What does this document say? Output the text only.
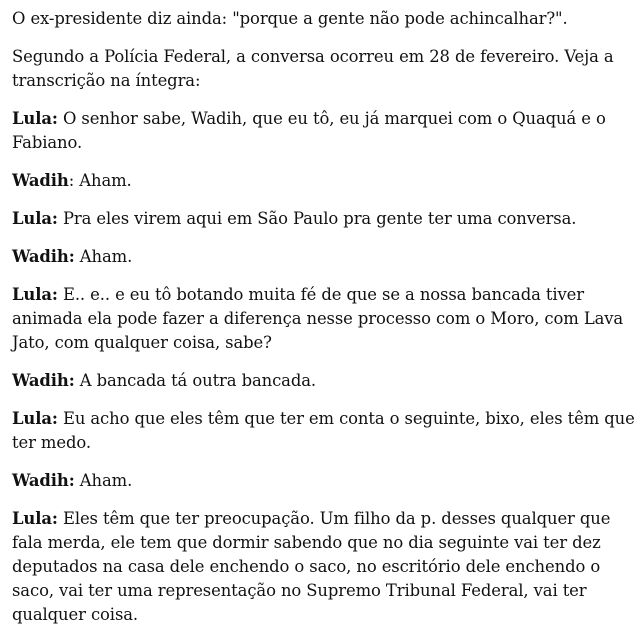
O ex-presidente diz ainda: "porque a gente não pode achincalhar?".

Segundo a Polícia Federal, a conversa ocorreu em 28 de fevereiro. Veja a transcrição na íntegra:

Lula: O senhor sabe, Wadih, que eu tô, eu já marquei com o Quaquá e o Fabiano.

Wadih: Aham.

Lula: Pra eles virem aqui em São Paulo pra gente ter uma conversa.

Wadih: Aham.

Lula: E.. e.. e eu tô botando muita fé de que se a nossa bancada tiver animada ela pode fazer a diferença nesse processo com o Moro, com Lava Jato, com qualquer coisa, sabe?

Wadih: A bancada tá outra bancada.

Lula: Eu acho que eles têm que ter em conta o seguinte, bixo, eles têm que ter medo.

Wadih: Aham.

Lula: Eles têm que ter preocupação. Um filho da p. desses qualquer que fala merda, ele tem que dormir sabendo que no dia seguinte vai ter dez deputados na casa dele enchendo o saco, no escritório dele enchendo o saco, vai ter uma representação no Supremo Tribunal Federal, vai ter qualquer coisa.
